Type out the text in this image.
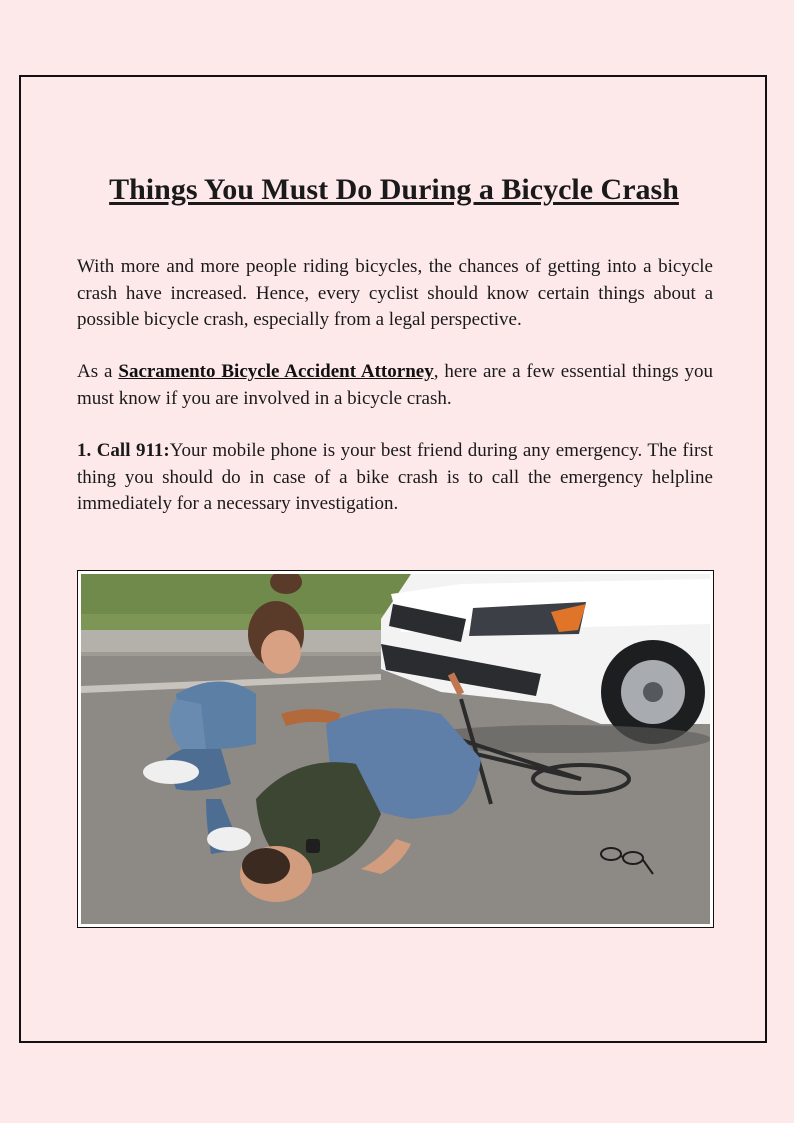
Things You Must Do During a Bicycle Crash

With more and more people riding bicycles, the chances of getting into a bicycle crash have increased. Hence, every cyclist should know certain things about a possible bicycle crash, especially from a legal perspective.

As a Sacramento Bicycle Accident Attorney, here are a few essential things you must know if you are involved in a bicycle crash.

1. Call 911:Your mobile phone is your best friend during any emergency. The first thing you should do in case of a bike crash is to call the emergency helpline immediately for a necessary investigation.
